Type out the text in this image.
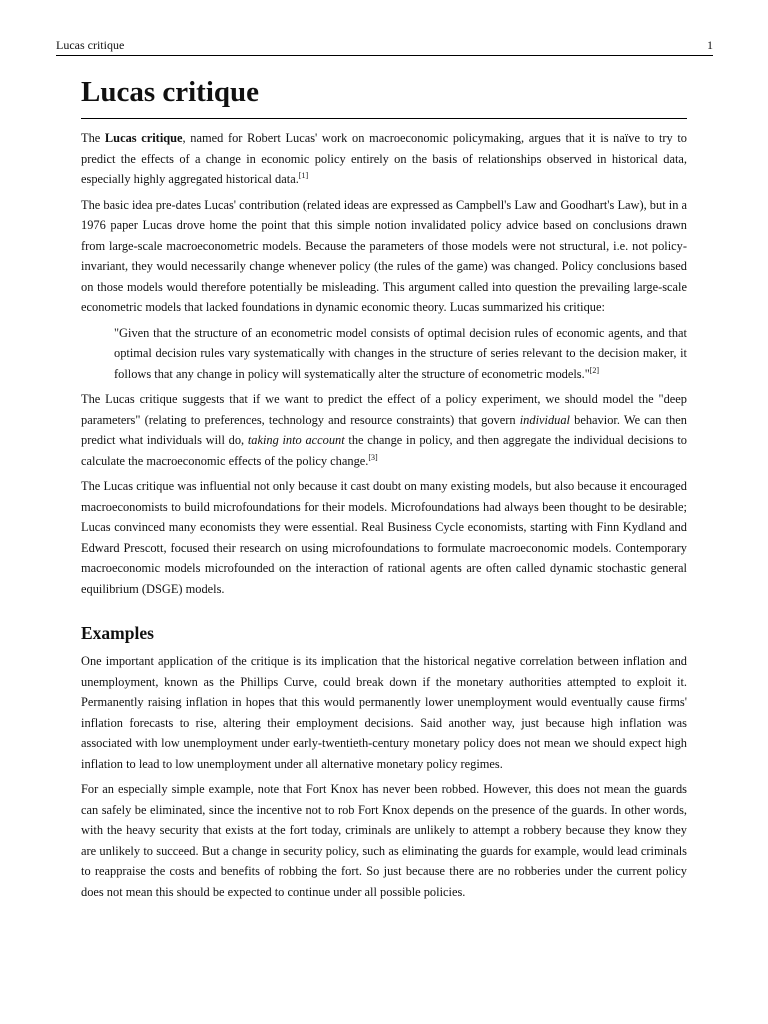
Lucas critique	1
Lucas critique

The Lucas critique, named for Robert Lucas' work on macroeconomic policymaking, argues that it is naïve to try to predict the effects of a change in economic policy entirely on the basis of relationships observed in historical data, especially highly aggregated historical data.[1]

The basic idea pre-dates Lucas' contribution (related ideas are expressed as Campbell's Law and Goodhart's Law), but in a 1976 paper Lucas drove home the point that this simple notion invalidated policy advice based on conclusions drawn from large-scale macroeconometric models. Because the parameters of those models were not structural, i.e. not policy-invariant, they would necessarily change whenever policy (the rules of the game) was changed. Policy conclusions based on those models would therefore potentially be misleading. This argument called into question the prevailing large-scale econometric models that lacked foundations in dynamic economic theory. Lucas summarized his critique:

"Given that the structure of an econometric model consists of optimal decision rules of economic agents, and that optimal decision rules vary systematically with changes in the structure of series relevant to the decision maker, it follows that any change in policy will systematically alter the structure of econometric models."[2]

The Lucas critique suggests that if we want to predict the effect of a policy experiment, we should model the "deep parameters" (relating to preferences, technology and resource constraints) that govern individual behavior. We can then predict what individuals will do, taking into account the change in policy, and then aggregate the individual decisions to calculate the macroeconomic effects of the policy change.[3]

The Lucas critique was influential not only because it cast doubt on many existing models, but also because it encouraged macroeconomists to build microfoundations for their models. Microfoundations had always been thought to be desirable; Lucas convinced many economists they were essential. Real Business Cycle economists, starting with Finn Kydland and Edward Prescott, focused their research on using microfoundations to formulate macroeconomic models. Contemporary macroeconomic models microfounded on the interaction of rational agents are often called dynamic stochastic general equilibrium (DSGE) models.

Examples

One important application of the critique is its implication that the historical negative correlation between inflation and unemployment, known as the Phillips Curve, could break down if the monetary authorities attempted to exploit it. Permanently raising inflation in hopes that this would permanently lower unemployment would eventually cause firms' inflation forecasts to rise, altering their employment decisions. Said another way, just because high inflation was associated with low unemployment under early-twentieth-century monetary policy does not mean we should expect high inflation to lead to low unemployment under all alternative monetary policy regimes.

For an especially simple example, note that Fort Knox has never been robbed. However, this does not mean the guards can safely be eliminated, since the incentive not to rob Fort Knox depends on the presence of the guards. In other words, with the heavy security that exists at the fort today, criminals are unlikely to attempt a robbery because they know they are unlikely to succeed. But a change in security policy, such as eliminating the guards for example, would lead criminals to reappraise the costs and benefits of robbing the fort. So just because there are no robberies under the current policy does not mean this should be expected to continue under all possible policies.
